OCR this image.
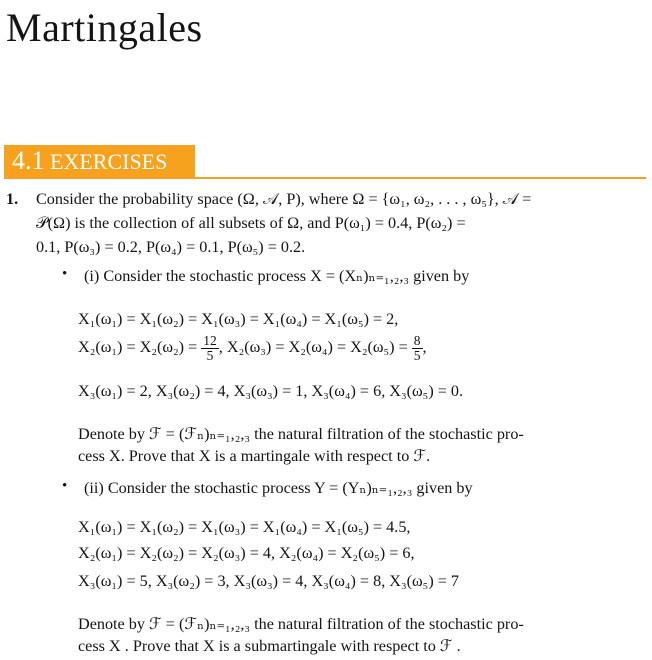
Martingales
4.1 EXERCISES
1. Consider the probability space (Ω, 𝒜, P), where Ω = {ω₁, ω₂, . . . , ω₅}, 𝒜 =
𝒫(Ω) is the collection of all subsets of Ω, and P(ω₁) = 0.4, P(ω₂) =
0.1, P(ω₃) = 0.2, P(ω₄) = 0.1, P(ω₅) = 0.2.
• (i) Consider the stochastic process X = (Xₙ)ₙ₌₁,₂,₃ given by
X₁(ω₁) = X₁(ω₂) = X₁(ω₃) = X₁(ω₄) = X₁(ω₅) = 2,
$X_2(\omega_1) = X_2(\omega_2) = \frac{12}{5}$ , $X_2(\omega_3) = X_2(\omega_4) = X_2(\omega_5) = \frac{8}{5}$ ,
X₃(ω₁) = 2, X₃(ω₂) = 4, X₃(ω₃) = 1, X₃(ω₄) = 6, X₃(ω₅) = 0.
Denote by ℱ = (ℱₙ)ₙ₌₁,₂,₃ the natural filtration of the stochastic pro-
cess X. Prove that X is a martingale with respect to ℱ.
• (ii) Consider the stochastic process Y = (Yₙ)ₙ₌₁,₂,₃ given by
X₁(ω₁) = X₁(ω₂) = X₁(ω₃) = X₁(ω₄) = X₁(ω₅) = 4.5,
X₂(ω₁) = X₂(ω₂) = X₂(ω₃) = 4, X₂(ω₄) = X₂(ω₅) = 6,
X₃(ω₁) = 5, X₃(ω₂) = 3, X₃(ω₃) = 4, X₃(ω₄) = 8, X₃(ω₅) = 7
Denote by ℱ = (ℱₙ)ₙ₌₁,₂,₃ the natural filtration of the stochastic pro-
cess X . Prove that X is a submartingale with respect to ℱ .
